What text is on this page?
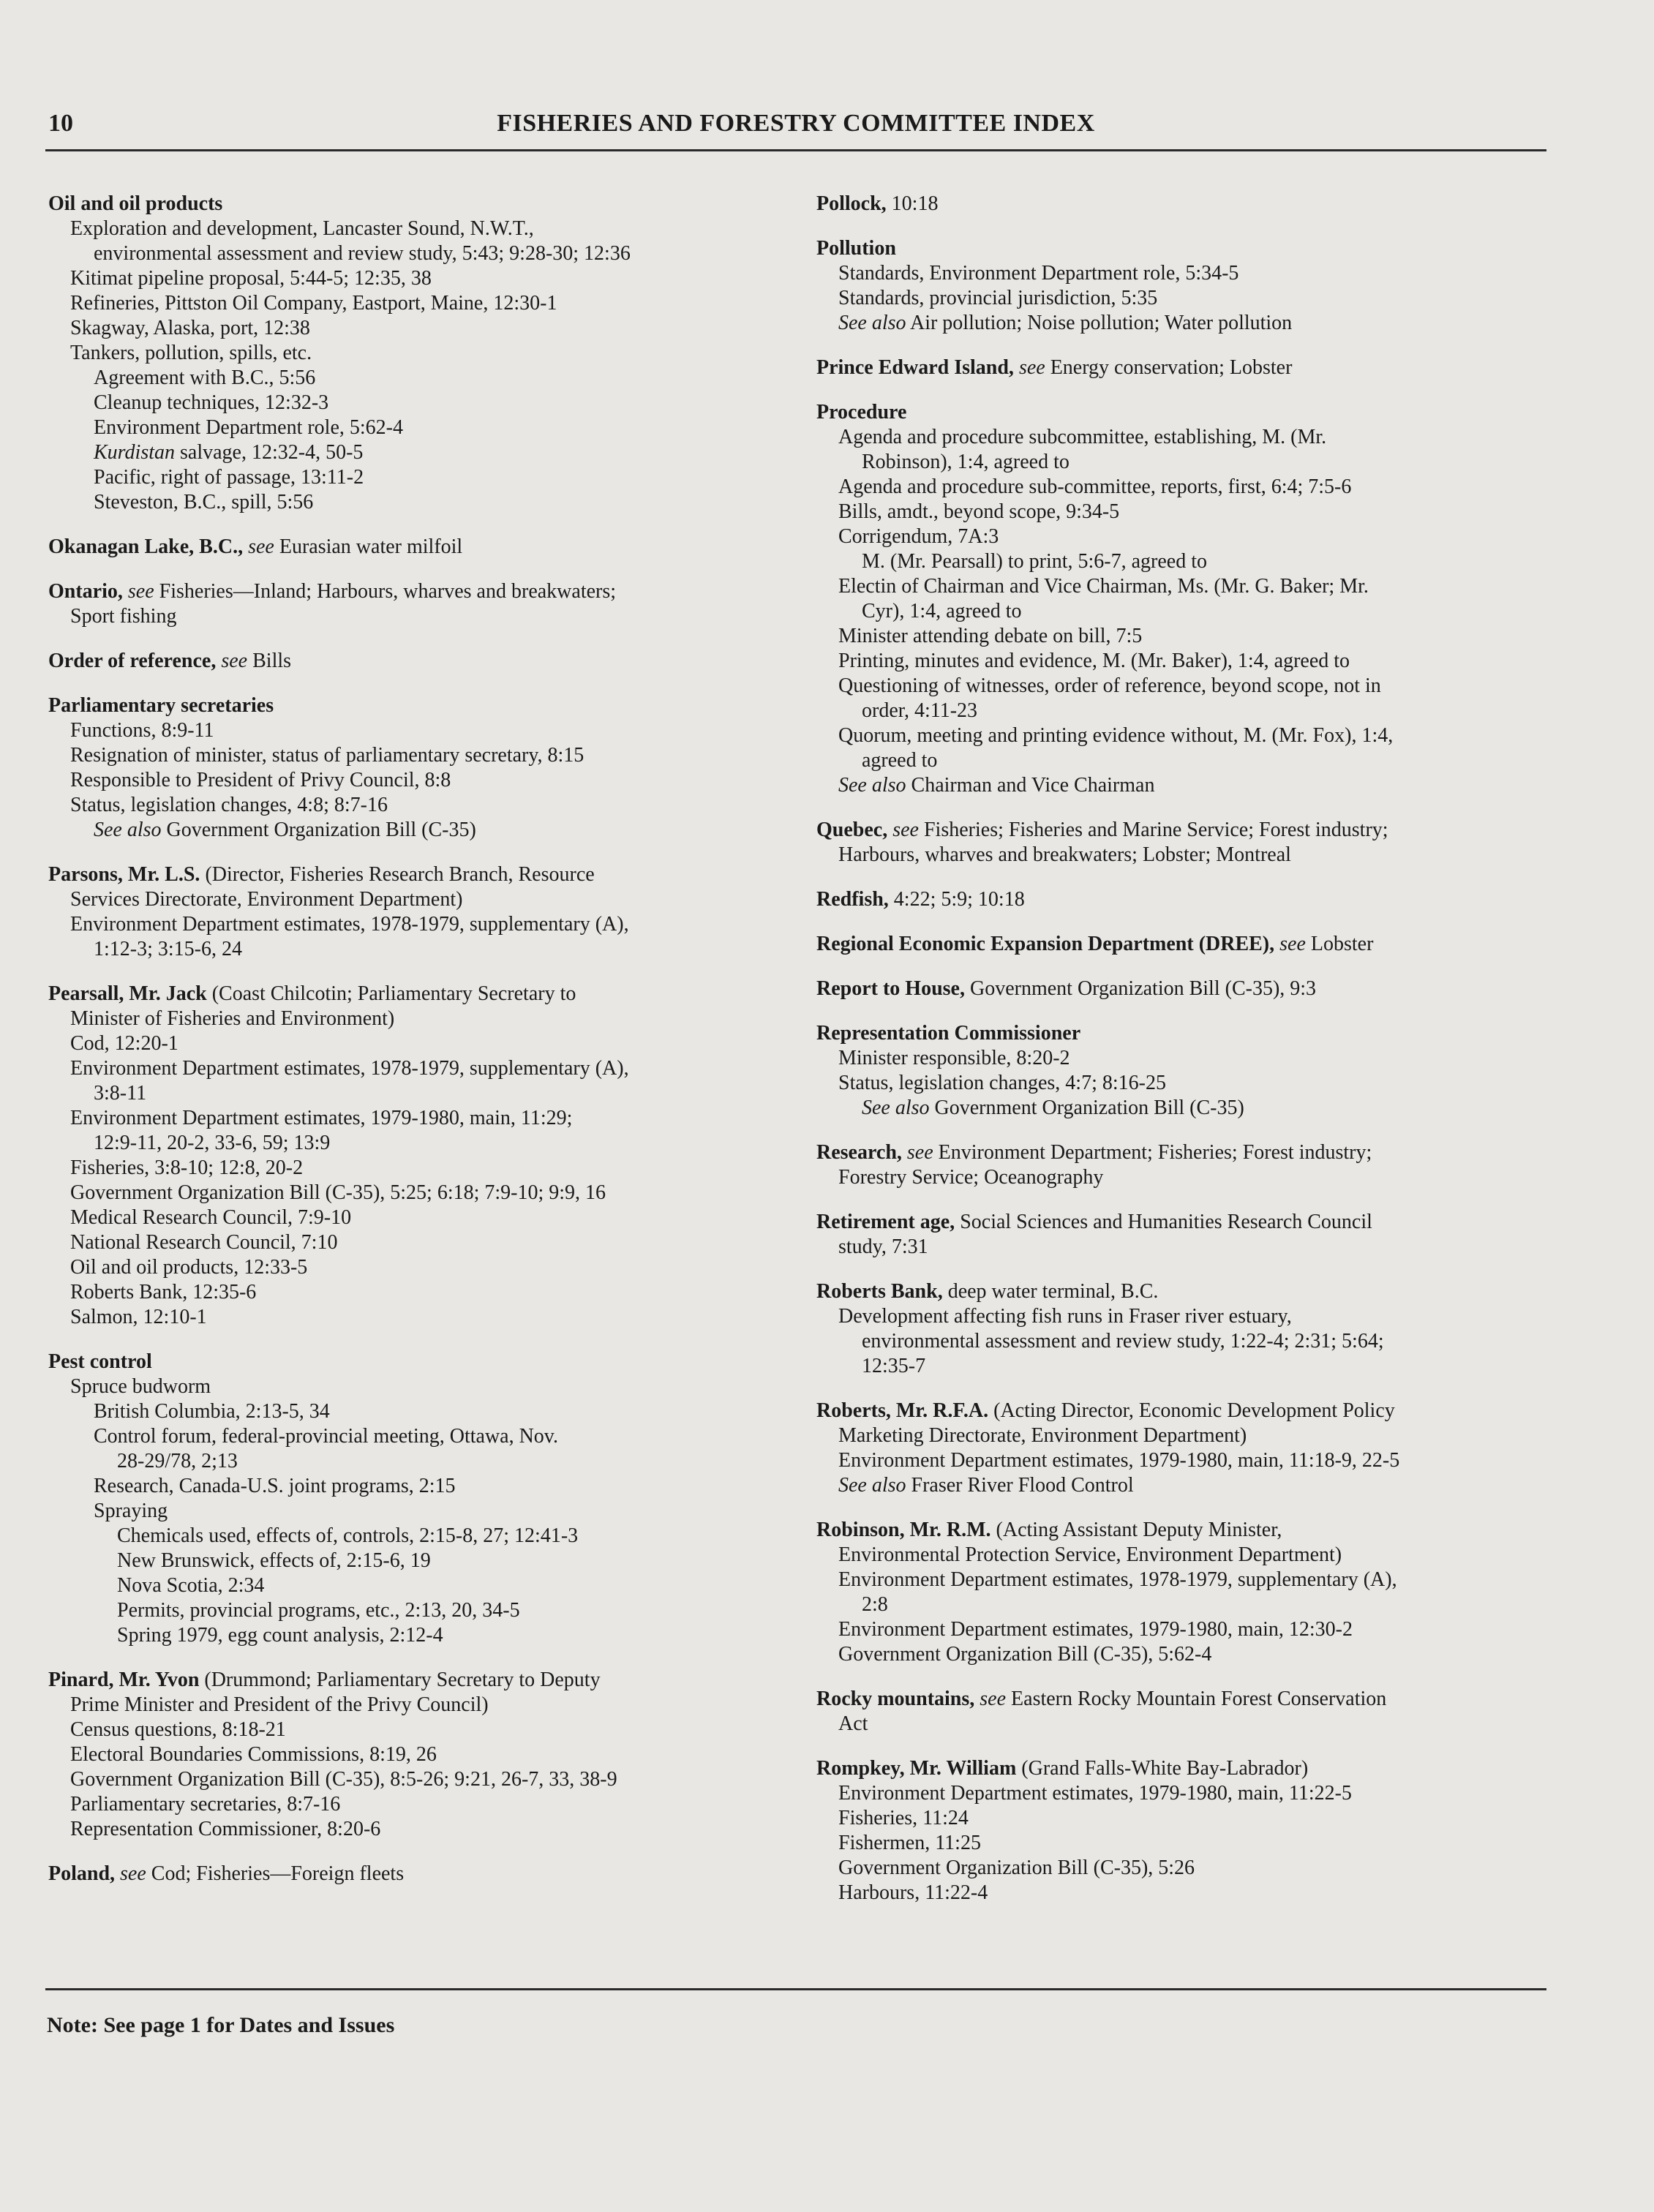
10	FISHERIES AND FORESTRY COMMITTEE INDEX
Oil and oil products
Exploration and development, Lancaster Sound, N.W.T.,
environmental assessment and review study, 5:43; 9:28-30; 12:36
Kitimat pipeline proposal, 5:44-5; 12:35, 38
Refineries, Pittston Oil Company, Eastport, Maine, 12:30-1
Skagway, Alaska, port, 12:38
Tankers, pollution, spills, etc.
Agreement with B.C., 5:56
Cleanup techniques, 12:32-3
Environment Department role, 5:62-4
Kurdistan salvage, 12:32-4, 50-5
Pacific, right of passage, 13:11-2
Steveston, B.C., spill, 5:56
Okanagan Lake, B.C., see Eurasian water milfoil
Ontario, see Fisheries—Inland; Harbours, wharves and breakwaters;
Sport fishing
Order of reference, see Bills
Parliamentary secretaries
Functions, 8:9-11
Resignation of minister, status of parliamentary secretary, 8:15
Responsible to President of Privy Council, 8:8
Status, legislation changes, 4:8; 8:7-16
See also Government Organization Bill (C-35)
Parsons, Mr. L.S. (Director, Fisheries Research Branch, Resource
Services Directorate, Environment Department)
Environment Department estimates, 1978-1979, supplementary (A),
1:12-3; 3:15-6, 24
Pearsall, Mr. Jack (Coast Chilcotin; Parliamentary Secretary to
Minister of Fisheries and Environment)
Cod, 12:20-1
Environment Department estimates, 1978-1979, supplementary (A),
3:8-11
Environment Department estimates, 1979-1980, main, 11:29;
12:9-11, 20-2, 33-6, 59; 13:9
Fisheries, 3:8-10; 12:8, 20-2
Government Organization Bill (C-35), 5:25; 6:18; 7:9-10; 9:9, 16
Medical Research Council, 7:9-10
National Research Council, 7:10
Oil and oil products, 12:33-5
Roberts Bank, 12:35-6
Salmon, 12:10-1
Pest control
Spruce budworm
British Columbia, 2:13-5, 34
Control forum, federal-provincial meeting, Ottawa, Nov.
28-29/78, 2;13
Research, Canada-U.S. joint programs, 2:15
Spraying
Chemicals used, effects of, controls, 2:15-8, 27; 12:41-3
New Brunswick, effects of, 2:15-6, 19
Nova Scotia, 2:34
Permits, provincial programs, etc., 2:13, 20, 34-5
Spring 1979, egg count analysis, 2:12-4
Pinard, Mr. Yvon (Drummond; Parliamentary Secretary to Deputy
Prime Minister and President of the Privy Council)
Census questions, 8:18-21
Electoral Boundaries Commissions, 8:19, 26
Government Organization Bill (C-35), 8:5-26; 9:21, 26-7, 33, 38-9
Parliamentary secretaries, 8:7-16
Representation Commissioner, 8:20-6
Poland, see Cod; Fisheries—Foreign fleets
Pollock, 10:18
Pollution
Standards, Environment Department role, 5:34-5
Standards, provincial jurisdiction, 5:35
See also Air pollution; Noise pollution; Water pollution
Prince Edward Island, see Energy conservation; Lobster
Procedure
Agenda and procedure subcommittee, establishing, M. (Mr.
Robinson), 1:4, agreed to
Agenda and procedure sub-committee, reports, first, 6:4; 7:5-6
Bills, amdt., beyond scope, 9:34-5
Corrigendum, 7A:3
M. (Mr. Pearsall) to print, 5:6-7, agreed to
Electin of Chairman and Vice Chairman, Ms. (Mr. G. Baker; Mr.
Cyr), 1:4, agreed to
Minister attending debate on bill, 7:5
Printing, minutes and evidence, M. (Mr. Baker), 1:4, agreed to
Questioning of witnesses, order of reference, beyond scope, not in
order, 4:11-23
Quorum, meeting and printing evidence without, M. (Mr. Fox), 1:4,
agreed to
See also Chairman and Vice Chairman
Quebec, see Fisheries; Fisheries and Marine Service; Forest industry;
Harbours, wharves and breakwaters; Lobster; Montreal
Redfish, 4:22; 5:9; 10:18
Regional Economic Expansion Department (DREE), see Lobster
Report to House, Government Organization Bill (C-35), 9:3
Representation Commissioner
Minister responsible, 8:20-2
Status, legislation changes, 4:7; 8:16-25
See also Government Organization Bill (C-35)
Research, see Environment Department; Fisheries; Forest industry;
Forestry Service; Oceanography
Retirement age, Social Sciences and Humanities Research Council
study, 7:31
Roberts Bank, deep water terminal, B.C.
Development affecting fish runs in Fraser river estuary,
environmental assessment and review study, 1:22-4; 2:31; 5:64;
12:35-7
Roberts, Mr. R.F.A. (Acting Director, Economic Development Policy
Marketing Directorate, Environment Department)
Environment Department estimates, 1979-1980, main, 11:18-9, 22-5
See also Fraser River Flood Control
Robinson, Mr. R.M. (Acting Assistant Deputy Minister,
Environmental Protection Service, Environment Department)
Environment Department estimates, 1978-1979, supplementary (A),
2:8
Environment Department estimates, 1979-1980, main, 12:30-2
Government Organization Bill (C-35), 5:62-4
Rocky mountains, see Eastern Rocky Mountain Forest Conservation
Act
Rompkey, Mr. William (Grand Falls-White Bay-Labrador)
Environment Department estimates, 1979-1980, main, 11:22-5
Fisheries, 11:24
Fishermen, 11:25
Government Organization Bill (C-35), 5:26
Harbours, 11:22-4
Note: See page 1 for Dates and Issues
